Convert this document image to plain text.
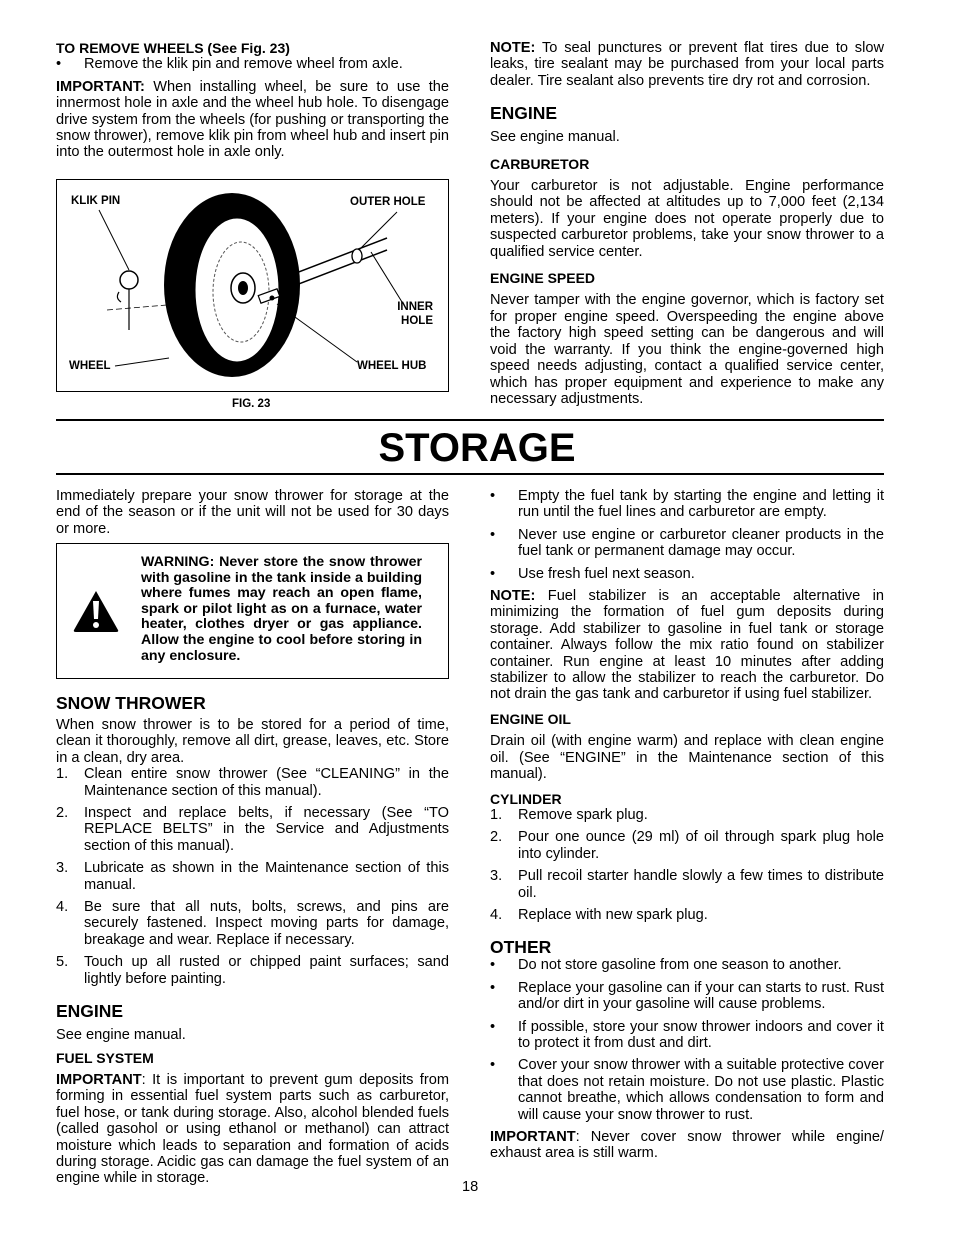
TO REMOVE WHEELS (See Fig. 23)

•	Remove the klik pin and remove wheel from axle.

IMPORTANT: When installing wheel, be sure to use the innermost hole in axle and the wheel hub hole. To disengage drive system from the wheels (for pushing or transporting the snow thrower), remove klik pin from wheel hub and insert pin into the outermost hole in axle only.

KLIK PIN	OUTER HOLE
INNER HOLE
WHEEL	WHEEL HUB
FIG. 23

NOTE: To seal punctures or prevent flat tires due to slow leaks, tire sealant may be purchased from your local parts dealer. Tire sealant also prevents tire dry rot and corrosion.

ENGINE

See engine manual.

CARBURETOR

Your carburetor is not adjustable. Engine performance should not be affected at altitudes up to 7,000 feet (2,134 meters). If your engine does not operate properly due to suspected carburetor problems, take your snow thrower to a qualified service center.

ENGINE SPEED

Never tamper with the engine governor, which is factory set for proper engine speed. Overspeeding the engine above the factory high speed setting can be dangerous and will void the warranty. If you think the engine-governed high speed needs adjusting, contact a qualified service center, which has proper equipment and experience to make any necessary adjustments.

STORAGE

Immediately prepare your snow thrower for storage at the end of the season or if the unit will not be used for 30 days or more.

WARNING: Never store the snow thrower with gasoline in the tank inside a building where fumes may reach an open flame, spark or pilot light as on a furnace, water heater, clothes dryer or gas appliance. Allow the engine to cool before storing in any enclosure.

SNOW THROWER

When snow thrower is to be stored for a period of time, clean it thoroughly, remove all dirt, grease, leaves, etc. Store in a clean, dry area.

1.	Clean entire snow thrower (See “CLEANING” in the Maintenance section of this manual).
2.	Inspect and replace belts, if necessary (See “TO REPLACE BELTS” in the Service and Adjustments section of this manual).
3.	Lubricate as shown in the Maintenance section of this manual.
4.	Be sure that all nuts, bolts, screws, and pins are securely fastened. Inspect moving parts for damage, breakage and wear. Replace if necessary.
5.	Touch up all rusted or chipped paint surfaces; sand lightly before painting.

ENGINE

See engine manual.

FUEL SYSTEM

IMPORTANT: It is important to prevent gum deposits from forming in essential fuel system parts such as carburetor, fuel hose, or tank during storage. Also, alcohol blended fuels (called gasohol or using ethanol or methanol) can attract moisture which leads to separation and formation of acids during storage. Acidic gas can damage the fuel system of an engine while in storage.

•	Empty the fuel tank by starting the engine and letting it run until the fuel lines and carburetor are empty.
•	Never use engine or carburetor cleaner products in the fuel tank or permanent damage may occur.
•	Use fresh fuel next season.

NOTE: Fuel stabilizer is an acceptable alternative in minimizing the formation of fuel gum deposits during storage. Add stabilizer to gasoline in fuel tank or storage container. Always follow the mix ratio found on stabilizer container. Run engine at least 10 minutes after adding stabilizer to allow the stabilizer to reach the carburetor. Do not drain the gas tank and carburetor if using fuel stabilizer.

ENGINE OIL

Drain oil (with engine warm) and replace with clean engine oil. (See “ENGINE” in the Maintenance section of this manual).

CYLINDER

1.	Remove spark plug.
2.	Pour one ounce (29 ml) of oil through spark plug hole into cylinder.
3.	Pull recoil starter handle slowly a few times to distribute oil.
4.	Replace with new spark plug.

OTHER

•	Do not store gasoline from one season to another.
•	Replace your gasoline can if your can starts to rust. Rust and/or dirt in your gasoline will cause problems.
•	If possible, store your snow thrower indoors and cover it to protect it from dust and dirt.
•	Cover your snow thrower with a suitable protective cover that does not retain moisture. Do not use plastic. Plastic cannot breathe, which allows condensation to form and will cause your snow thrower to rust.

IMPORTANT: Never cover snow thrower while engine/ exhaust area is still warm.

18
